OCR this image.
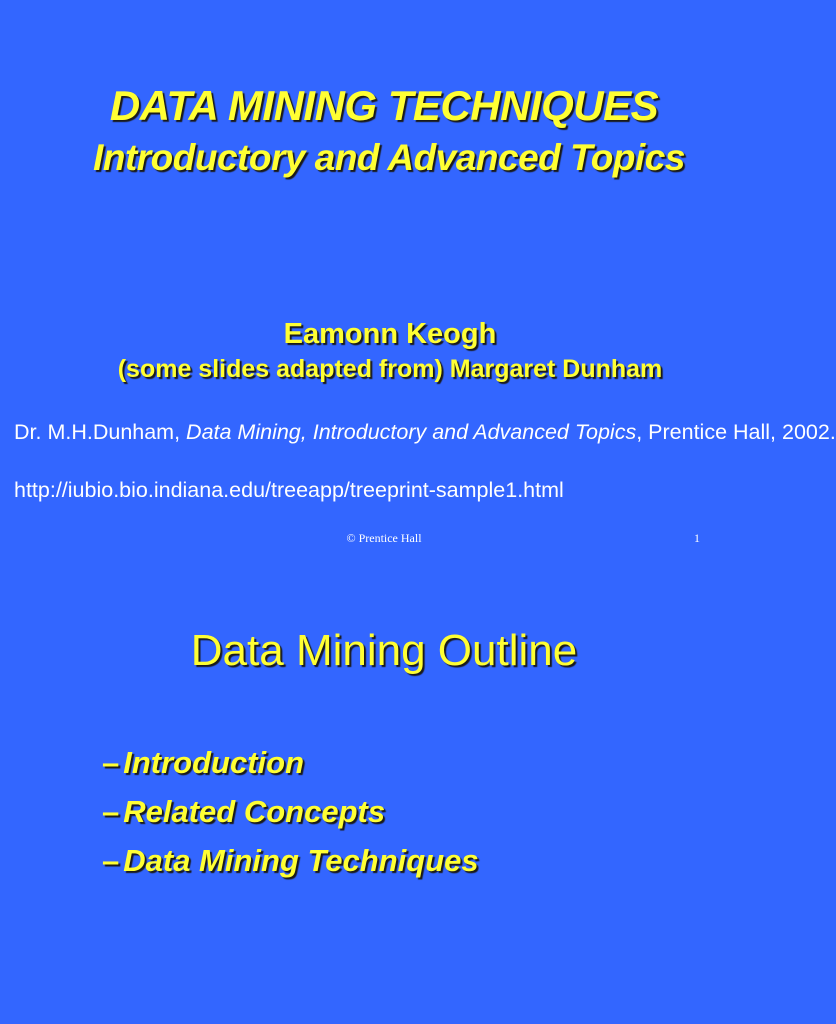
DATA MINING TECHNIQUES
Introductory and Advanced Topics
Eamonn Keogh
(some slides adapted from) Margaret Dunham
Dr. M.H.Dunham, Data Mining, Introductory and Advanced Topics, Prentice Hall, 2002.
http://iubio.bio.indiana.edu/treeapp/treeprint-sample1.html
© Prentice Hall	1
Data Mining Outline
– Introduction
– Related Concepts
– Data Mining Techniques
